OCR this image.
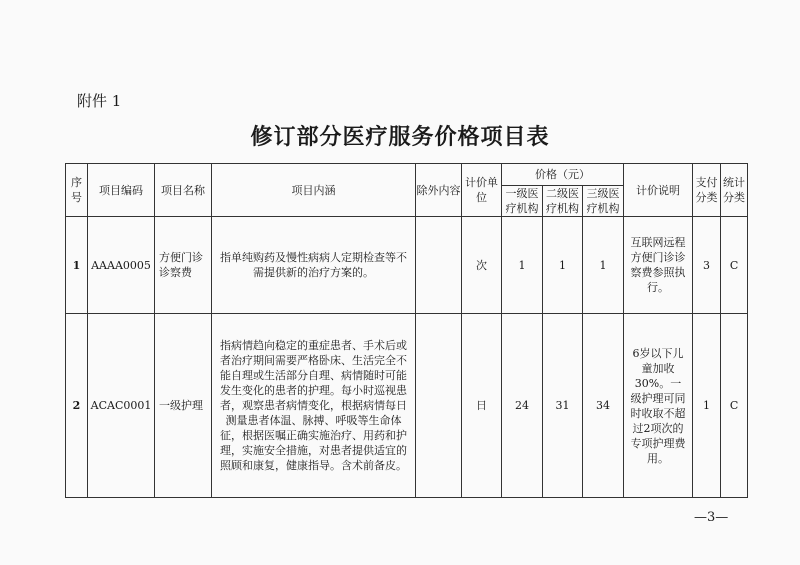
附件 1
修订部分医疗服务价格项目表
序号	项目编码	项目名称	项目内涵	除外内容	计价单位	价格（元）			计价说明	支付分类	统计分类
						一级医疗机构	二级医疗机构	三级医疗机构			
1	AAAA0005	方便门诊诊察费	指单纯购药及慢性病病人定期检查等不需提供新的治疗方案的。		次	1	1	1	互联网远程方便门诊诊察费参照执行。	3	C
2	ACAC0001	一级护理	指病情趋向稳定的重症患者、手术后或者治疗期间需要严格卧床、生活完全不能自理或生活部分自理、病情随时可能发生变化的患者的护理。每小时巡视患者，观察患者病情变化，根据病情每日测量患者体温、脉搏、呼吸等生命体征，根据医嘱正确实施治疗、用药和护理，实施安全措施，对患者提供适宜的照顾和康复，健康指导。含术前备皮。		日	24	31	34	6岁以下儿童加收30%。一级护理可同时收取不超过2项次的专项护理费用。	1	C
—3—
